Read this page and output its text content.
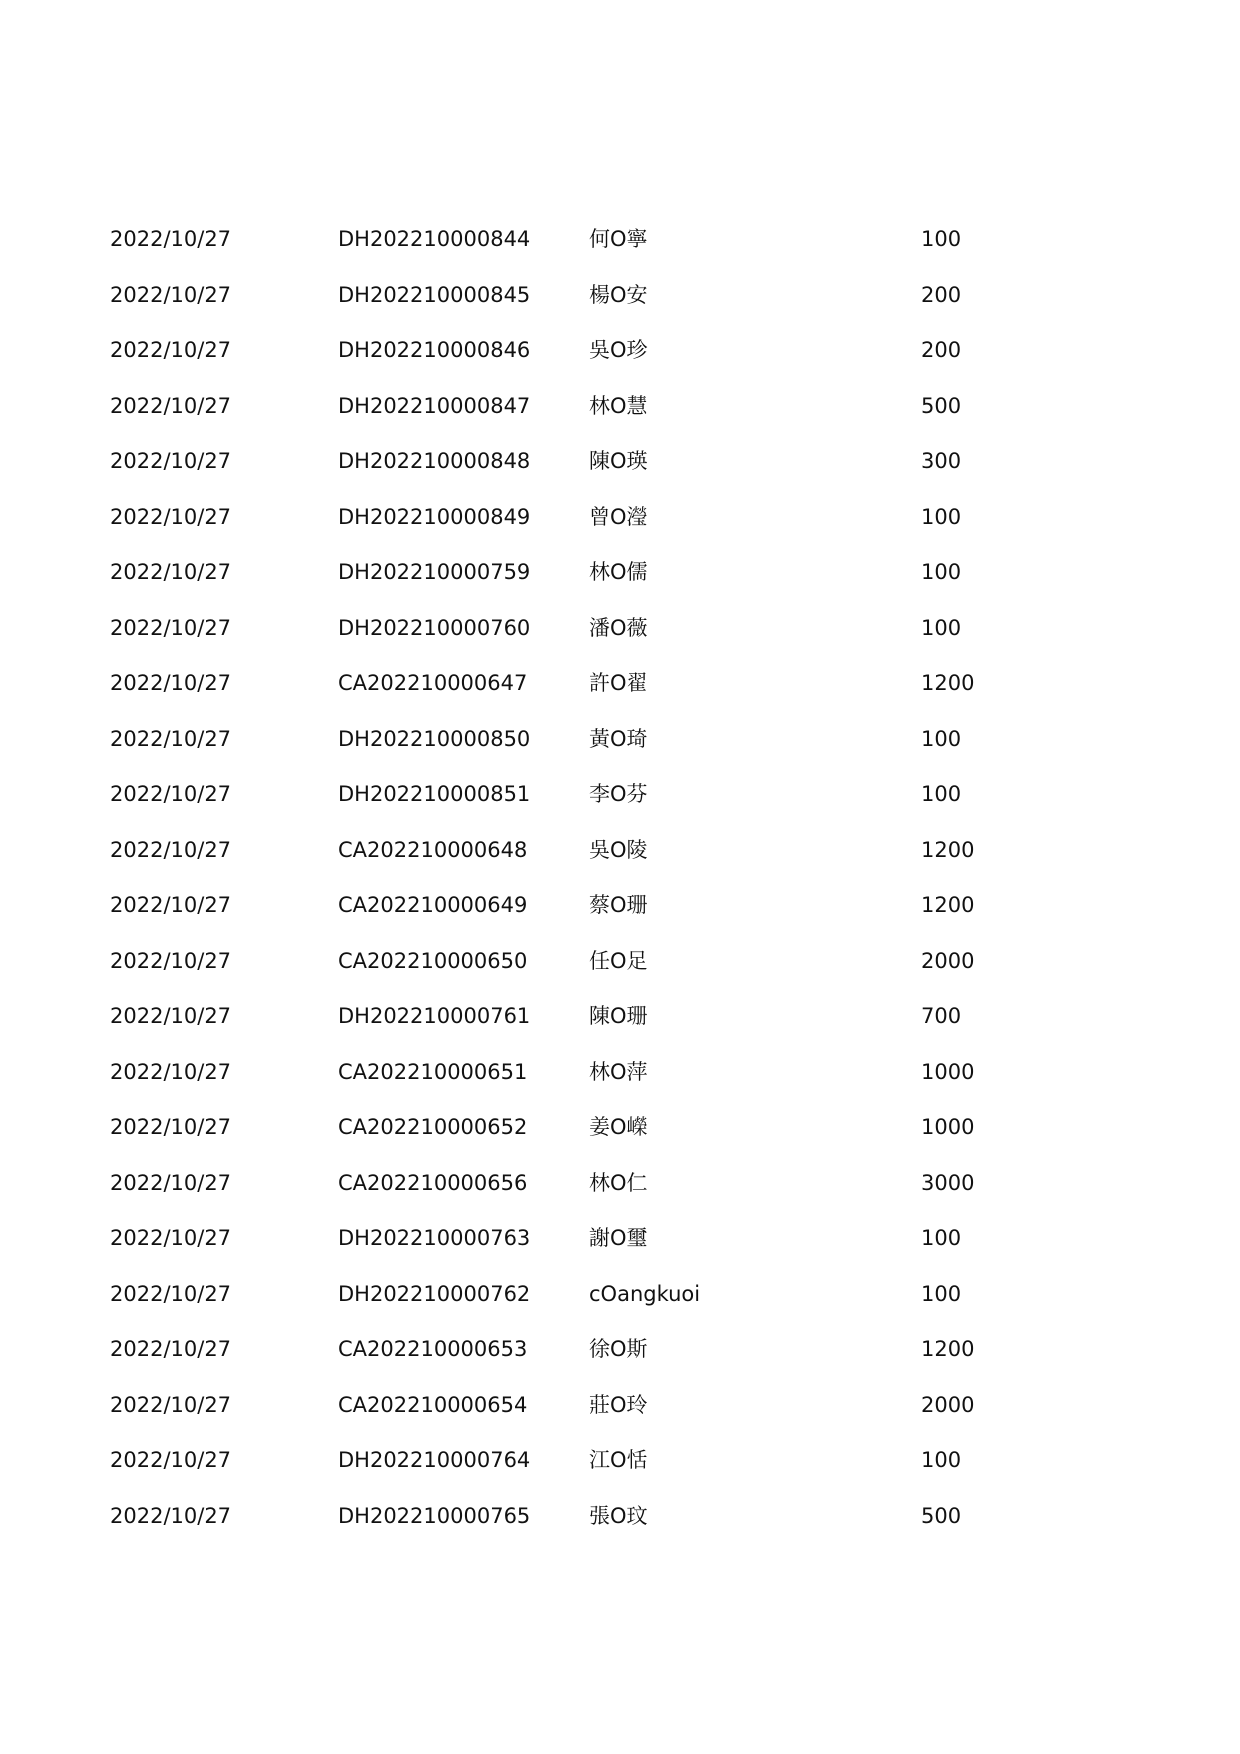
2022/10/27	DH202210000844	何O寧	100
2022/10/27	DH202210000845	楊O安	200
2022/10/27	DH202210000846	吳O珍	200
2022/10/27	DH202210000847	林O慧	500
2022/10/27	DH202210000848	陳O瑛	300
2022/10/27	DH202210000849	曾O瀅	100
2022/10/27	DH202210000759	林O儒	100
2022/10/27	DH202210000760	潘O薇	100
2022/10/27	CA202210000647	許O翟	1200
2022/10/27	DH202210000850	黃O琦	100
2022/10/27	DH202210000851	李O芬	100
2022/10/27	CA202210000648	吳O陵	1200
2022/10/27	CA202210000649	蔡O珊	1200
2022/10/27	CA202210000650	任O足	2000
2022/10/27	DH202210000761	陳O珊	700
2022/10/27	CA202210000651	林O萍	1000
2022/10/27	CA202210000652	姜O嶸	1000
2022/10/27	CA202210000656	林O仁	3000
2022/10/27	DH202210000763	謝O璽	100
2022/10/27	DH202210000762	cOangkuoi	100
2022/10/27	CA202210000653	徐O斯	1200
2022/10/27	CA202210000654	莊O玲	2000
2022/10/27	DH202210000764	江O恬	100
2022/10/27	DH202210000765	張O玟	500
